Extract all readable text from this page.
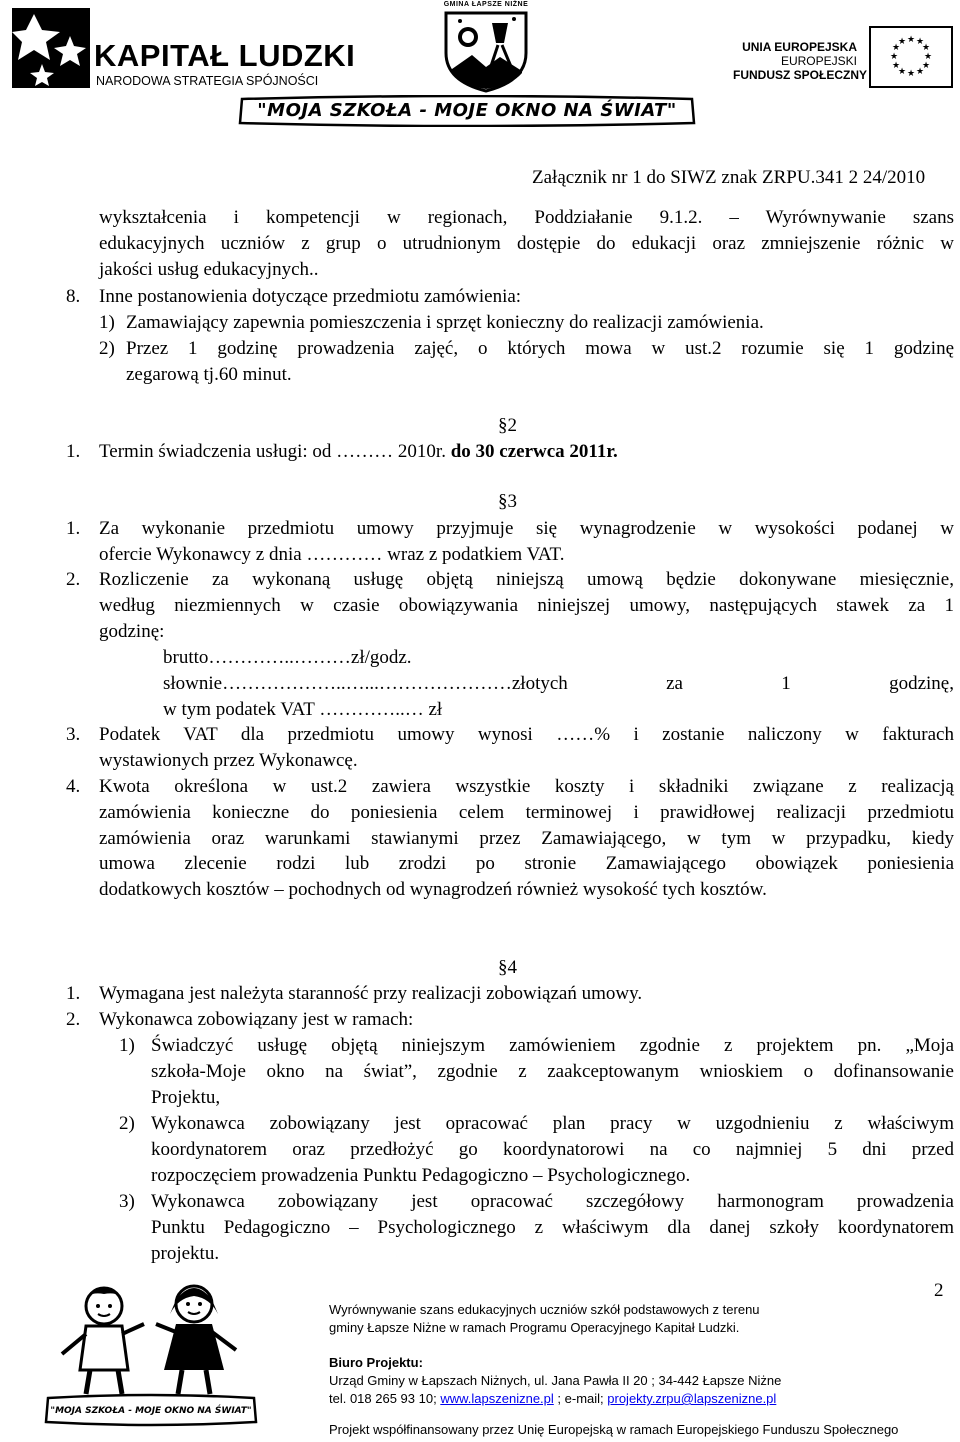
KAPITAŁ LUDZKI
NARODOWA STRATEGIA SPÓJNOŚCI
GMINA ŁAPSZE NIŻNE
"MOJA SZKOŁA - MOJE OKNO NA ŚWIAT"
UNIA EUROPEJSKA
EUROPEJSKI
FUNDUSZ SPOŁECZNY
★ ★
★
★
★
★
★
★
★
★
★
★
Załącznik nr 1 do SIWZ znak ZRPU.341 2 24/2010
wykształcenia i kompetencji w regionach, Poddziałanie 9.1.2. – Wyrównywanie szans
edukacyjnych uczniów z grup o utrudnionym dostępie do edukacji oraz zmniejszenie różnic w
jakości usług edukacyjnych..
8. Inne postanowienia dotyczące przedmiotu zamówienia:
1) Zamawiający zapewnia pomieszczenia i sprzęt konieczny do realizacji zamówienia.
2) Przez 1 godzinę prowadzenia zajęć, o których mowa w ust.2 rozumie się 1 godzinę
zegarową tj.60 minut.
§2
1. Termin świadczenia usługi: od ……… 2010r. do 30 czerwca 2011r.
§3
1. Za wykonanie przedmiotu umowy przyjmuje się wynagrodzenie w wysokości podanej w
ofercie Wykonawcy z dnia ………… wraz z podatkiem VAT.
2. Rozliczenie za wykonaną usługę objętą niniejszą umową będzie dokonywane miesięcznie,
według niezmiennych w czasie obowiązywania niniejszej umowy, następujących stawek za 1
godzinę:
brutto…………..………zł/godz.
słownie………………..…...…………………złotych za 1 godzinę,
w tym podatek VAT …………..… zł
3. Podatek VAT dla przedmiotu umowy wynosi ……% i zostanie naliczony w fakturach
wystawionych przez Wykonawcę.
4. Kwota określona w ust.2 zawiera wszystkie koszty i składniki związane z realizacją
zamówienia konieczne do poniesienia celem terminowej i prawidłowej realizacji przedmiotu
zamówienia oraz warunkami stawianymi przez Zamawiającego, w tym w przypadku, kiedy
umowa zlecenie rodzi lub zrodzi po stronie Zamawiającego obowiązek poniesienia
dodatkowych kosztów – pochodnych od wynagrodzeń również wysokość tych kosztów.
§4
1. Wymagana jest należyta staranność przy realizacji zobowiązań umowy.
2. Wykonawca zobowiązany jest w ramach:
1) Świadczyć usługę objętą niniejszym zamówieniem zgodnie z projektem pn. „Moja
szkoła-Moje okno na świat”, zgodnie z zaakceptowanym wnioskiem o dofinansowanie
Projektu,
2) Wykonawca zobowiązany jest opracować plan pracy w uzgodnieniu z właściwym
koordynatorem oraz przedłożyć go koordynatorowi na co najmniej 5 dni przed
rozpoczęciem prowadzenia Punktu Pedagogiczno – Psychologicznego.
3) Wykonawca zobowiązany jest opracować szczegółowy harmonogram prowadzenia
Punktu Pedagogiczno – Psychologicznego z właściwym dla danej szkoły koordynatorem
projektu.
2
"MOJA SZKOŁA - MOJE OKNO NA ŚWIAT"
Wyrównywanie szans edukacyjnych uczniów szkół podstawowych z terenu
gminy Łapsze Niżne w ramach Programu Operacyjnego Kapitał Ludzki.
Biuro Projektu:
Urząd Gminy w Łapszach Niżnych, ul. Jana Pawła II 20 ; 34-442 Łapsze Niżne
tel. 018 265 93 10; www.lapszenizne.pl ; e-mail; projekty.zrpu@lapszenizne.pl
Projekt współfinansowany przez Unię Europejską w ramach Europejskiego Funduszu Społecznego
